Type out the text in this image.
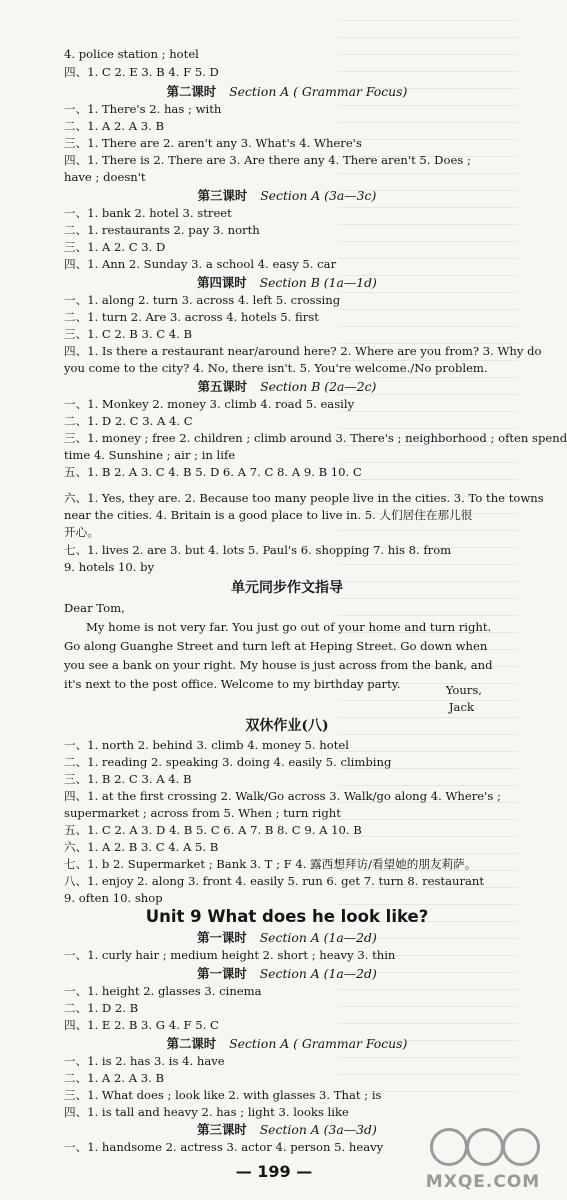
4. police station ; hotel
四、1. C 2. E 3. B 4. F 5. D
第二课时 Section A ( Grammar Focus)
一、1. There's 2. has ; with
二、1. A 2. A 3. B
三、1. There are 2. aren't any 3. What's 4. Where's
四、1. There is 2. There are 3. Are there any 4. There aren't 5. Does ;
have ; doesn't
第三课时 Section A (3a—3c)
一、1. bank 2. hotel 3. street
二、1. restaurants 2. pay 3. north
三、1. A 2. C 3. D
四、1. Ann 2. Sunday 3. a school 4. easy 5. car
第四课时 Section B (1a—1d)
一、1. along 2. turn 3. across 4. left 5. crossing
二、1. turn 2. Are 3. across 4. hotels 5. first
三、1. C 2. B 3. C 4. B
四、1. Is there a restaurant near/around here? 2. Where are you from? 3. Why do
you come to the city? 4. No, there isn't. 5. You're welcome./No problem.
第五课时 Section B (2a—2c)
一、1. Monkey 2. money 3. climb 4. road 5. easily
二、1. D 2. C 3. A 4. C
三、1. money ; free 2. children ; climb around 3. There's ; neighborhood ; often spend
time 4. Sunshine ; air ; in life
五、1. B 2. A 3. C 4. B 5. D 6. A 7. C 8. A 9. B 10. C
六、1. Yes, they are. 2. Because too many people live in the cities. 3. To the towns
near the cities. 4. Britain is a good place to live in. 5. 人们居住在那儿很
开心。
七、1. lives 2. are 3. but 4. lots 5. Paul's 6. shopping 7. his 8. from
9. hotels 10. by
单元同步作文指导
Dear Tom,
My home is not very far. You just go out of your home and turn right. Go along Guanghe Street and turn left at Heping Street. Go down when you see a bank on your right. My house is just across from the bank, and it's next to the post office. Welcome to my birthday party.	Yours,
Jack
双休作业(八)
一、1. north 2. behind 3. climb 4. money 5. hotel
二、1. reading 2. speaking 3. doing 4. easily 5. climbing
三、1. B 2. C 3. A 4. B
四、1. at the first crossing 2. Walk/Go across 3. Walk/go along 4. Where's ;
supermarket ; across from 5. When ; turn right
五、1. C 2. A 3. D 4. B 5. C 6. A 7. B 8. C 9. A 10. B
六、1. A 2. B 3. C 4. A 5. B
七、1. b 2. Supermarket ; Bank 3. T ; F 4. 露西想拜访/看望她的朋友莉萨。
八、1. enjoy 2. along 3. front 4. easily 5. run 6. get 7. turn 8. restaurant
9. often 10. shop
Unit 9 What does he look like?
第一课时 Section A (1a—2d)
一、1. curly hair ; medium height 2. short ; heavy 3. thin
第一课时 Section A (1a—2d)
一、1. height 2. glasses 3. cinema
二、1. D 2. B
四、1. E 2. B 3. G 4. F 5. C
第二课时 Section A ( Grammar Focus)
一、1. is 2. has 3. is 4. have
二、1. A 2. A 3. B
三、1. What does ; look like 2. with glasses 3. That ; is
四、1. is tall and heavy 2. has ; light 3. looks like
第三课时 Section A (3a—3d)
一、1. handsome 2. actress 3. actor 4. person 5. heavy
— 199 —
MXQE.COM
